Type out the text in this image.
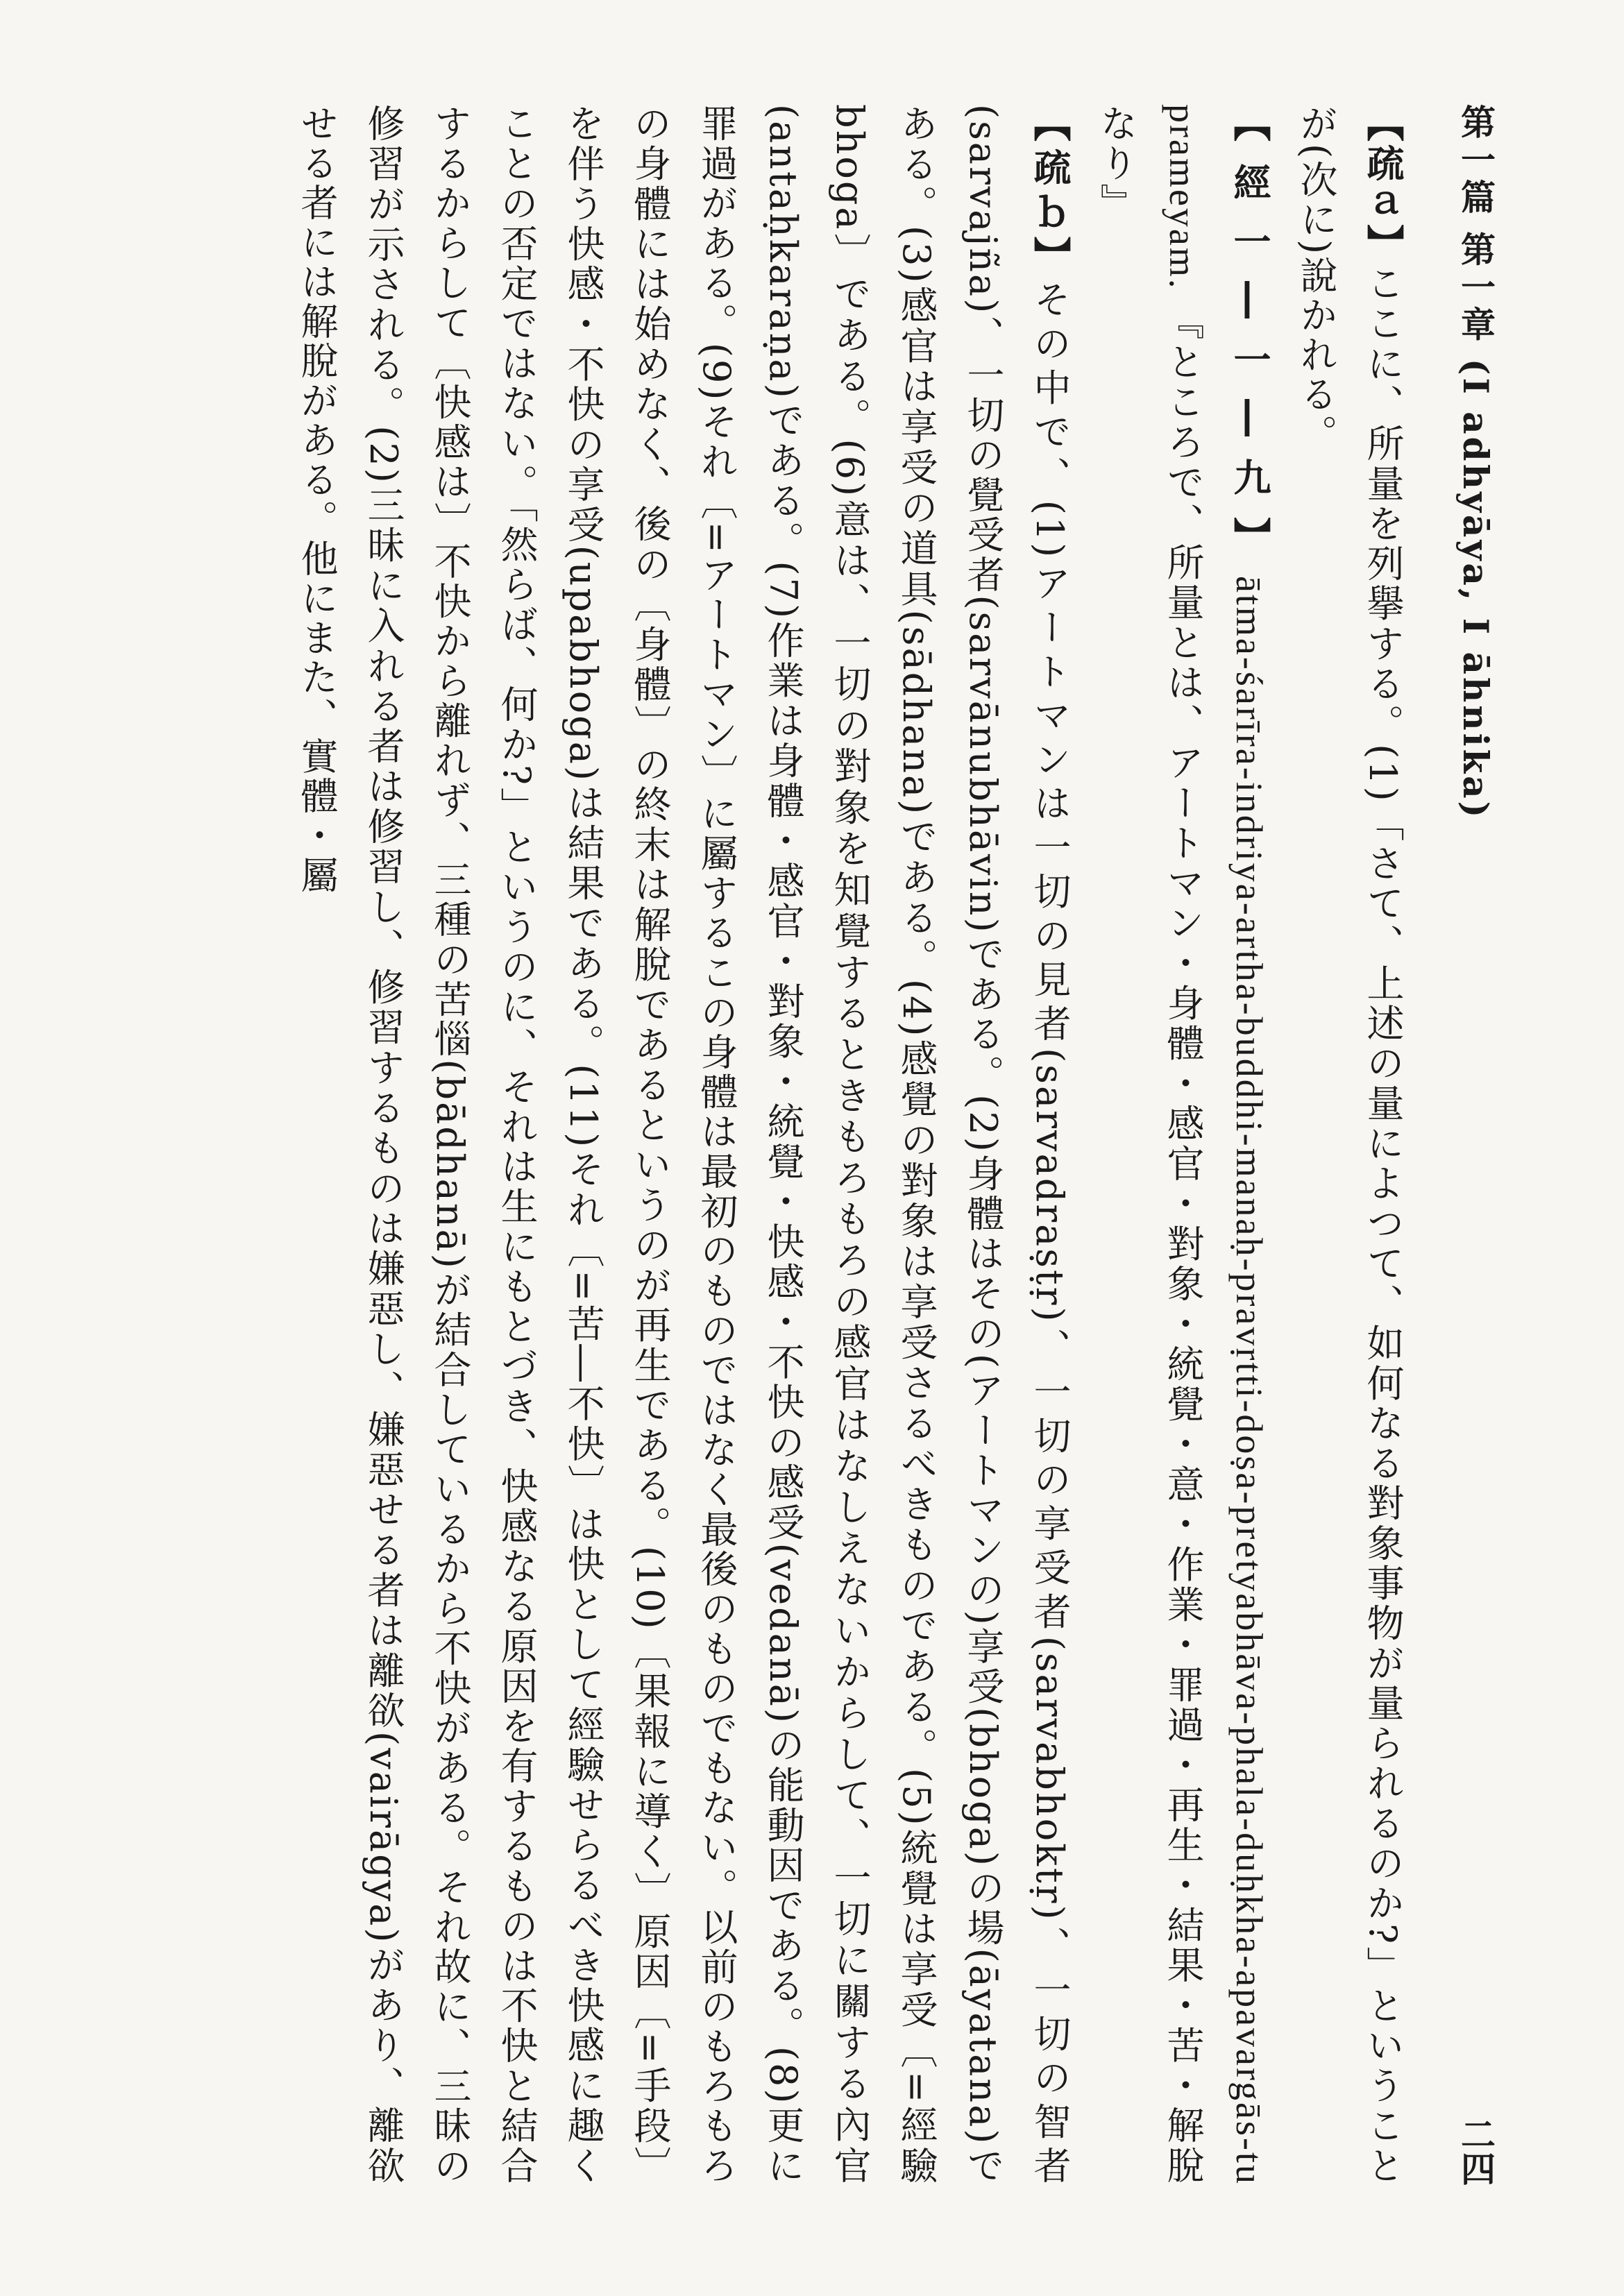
第一篇 第一章 (I adhyāya, I āhnika)
二四

【疏ａ】ここに、所量を列擧する。(1)「さて、上述の量によつて、如何なる對象事物が量られるのか?」ということが(次に)說かれる。

【經一―一―九】ātma-śarīra-indriya-artha-buddhi-manaḥ-pravṛtti-doṣa-pretyabhāva-phala-duḥkha-apavargās-tu prameyam. 『ところで、所量とは、アートマン・身體・感官・對象・統覺・意・作業・罪過・再生・結果・苦・解脫なり』

【疏ｂ】その中で、(1)アートマンは一切の見者(sarvadraṣṭṛ)、一切の享受者(sarvabhoktṛ)、一切の智者(sarvajña)、一切の覺受者(sarvānubhāvin)である。(2)身體はその(アートマンの)享受(bhoga)の場(āyatana)である。(3)感官は享受の道具(sādhana)である。(4)感覺の對象は享受さるべきものである。(5)統覺は享受〔=經驗 bhoga〕である。(6)意は、一切の對象を知覺するときもろもろの感官はなしえないからして、一切に關する內官(antaḥkaraṇa)である。(7)作業は身體・感官・對象・統覺・快感・不快の感受(vedanā)の能動因である。(8)更に罪過がある。(9)それ〔=アートマン〕に屬するこの身體は最初のものではなく最後のものでもない。以前のもろもろの身體には始めなく、後の〔身體〕の終末は解脫であるというのが再生である。(10)〔果報に導く〕原因〔=手段〕を伴う快感・不快の享受(upabhoga)は結果である。(11)それ〔=苦―不快〕は快として經驗せらるべき快感に趣くことの否定ではない。「然らば、何か?」というのに、それは生にもとづき、快感なる原因を有するものは不快と結合するからして〔快感は〕不快から離れず、三種の苦惱(bādhanā)が結合しているから不快がある。それ故に、三昧の修習が示される。(2)三昧に入れる者は修習し、修習するものは嫌惡し、嫌惡せる者は離欲(vairāgya)があり、離欲せる者には解脫がある。他にまた、實體・屬
